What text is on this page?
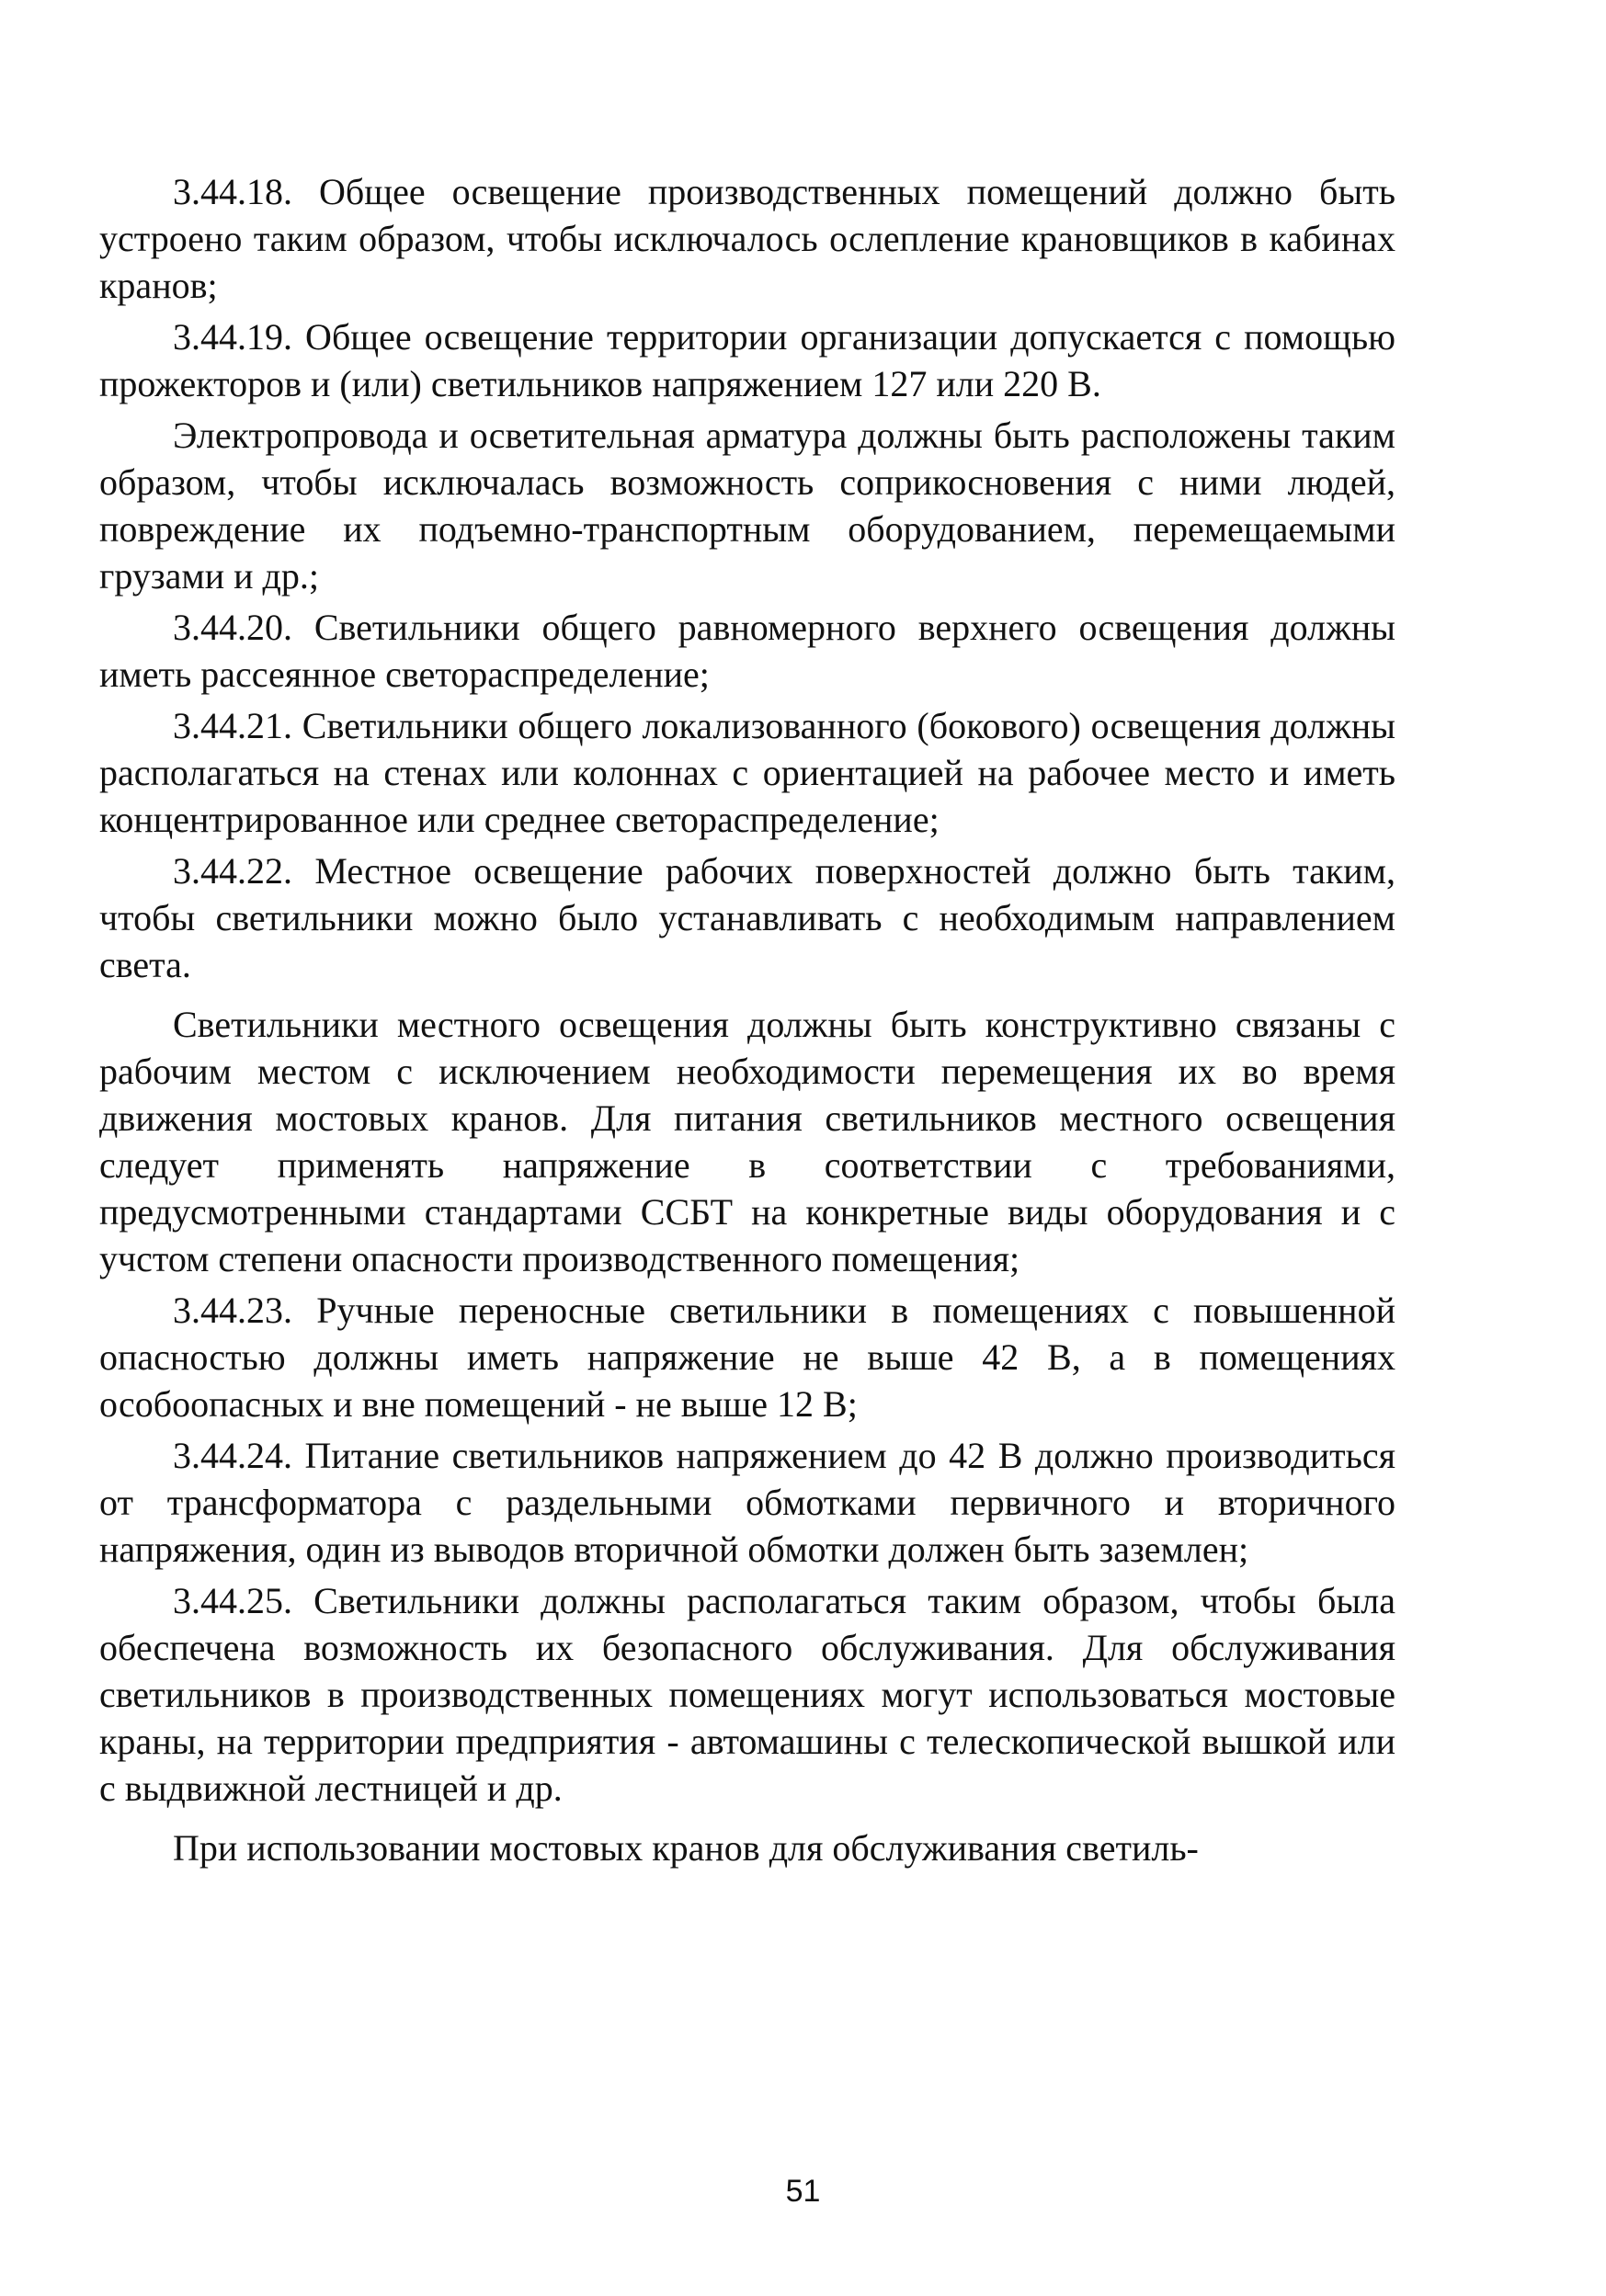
3.44.18. Общее освещение производственных помещений должно быть устроено таким образом, чтобы исключалось ослепление крановщиков в кабинах кранов;

3.44.19. Общее освещение территории организации допускается с помощью прожекторов и (или) светильников напряжением 127 или 220 В.

Электропровода и осветительная арматура должны быть расположены таким образом, чтобы исключалась возможность соприкосновения с ними людей, повреждение их подъемно-транспортным оборудованием, перемещаемыми грузами и др.;

3.44.20. Светильники общего равномерного верхнего освещения должны иметь рассеянное светораспределение;

3.44.21. Светильники общего локализованного (бокового) освещения должны располагаться на стенах или колоннах с ориентацией на рабочее место и иметь концентрированное или среднее светораспределение;

3.44.22. Местное освещение рабочих поверхностей должно быть таким, чтобы светильники можно было устанавливать с необходимым направлением света.

Светильники местного освещения должны быть конструктивно связаны с рабочим местом с исключением необходимости перемещения их во время движения мостовых кранов. Для питания светильников местного освещения следует применять напряжение в соответствии с требованиями, предусмотренными стандартами ССБТ на конкретные виды оборудования и с учстом степени опасности производственного помещения;

3.44.23. Ручные переносные светильники в помещениях с повышенной опасностью должны иметь напряжение не выше 42 В, а в помещениях особоопасных и вне помещений - не выше 12 В;

3.44.24. Питание светильников напряжением до 42 В должно производиться от трансформатора с раздельными обмотками первичного и вторичного напряжения, один из выводов вторичной обмотки должен быть заземлен;

3.44.25. Светильники должны располагаться таким образом, чтобы была обеспечена возможность их безопасного обслуживания. Для обслуживания светильников в производственных помещениях могут использоваться мостовые краны, на территории предприятия - автомашины с телескопической вышкой или с выдвижной лестницей и др.

При использовании мостовых кранов для обслуживания светиль-

51
